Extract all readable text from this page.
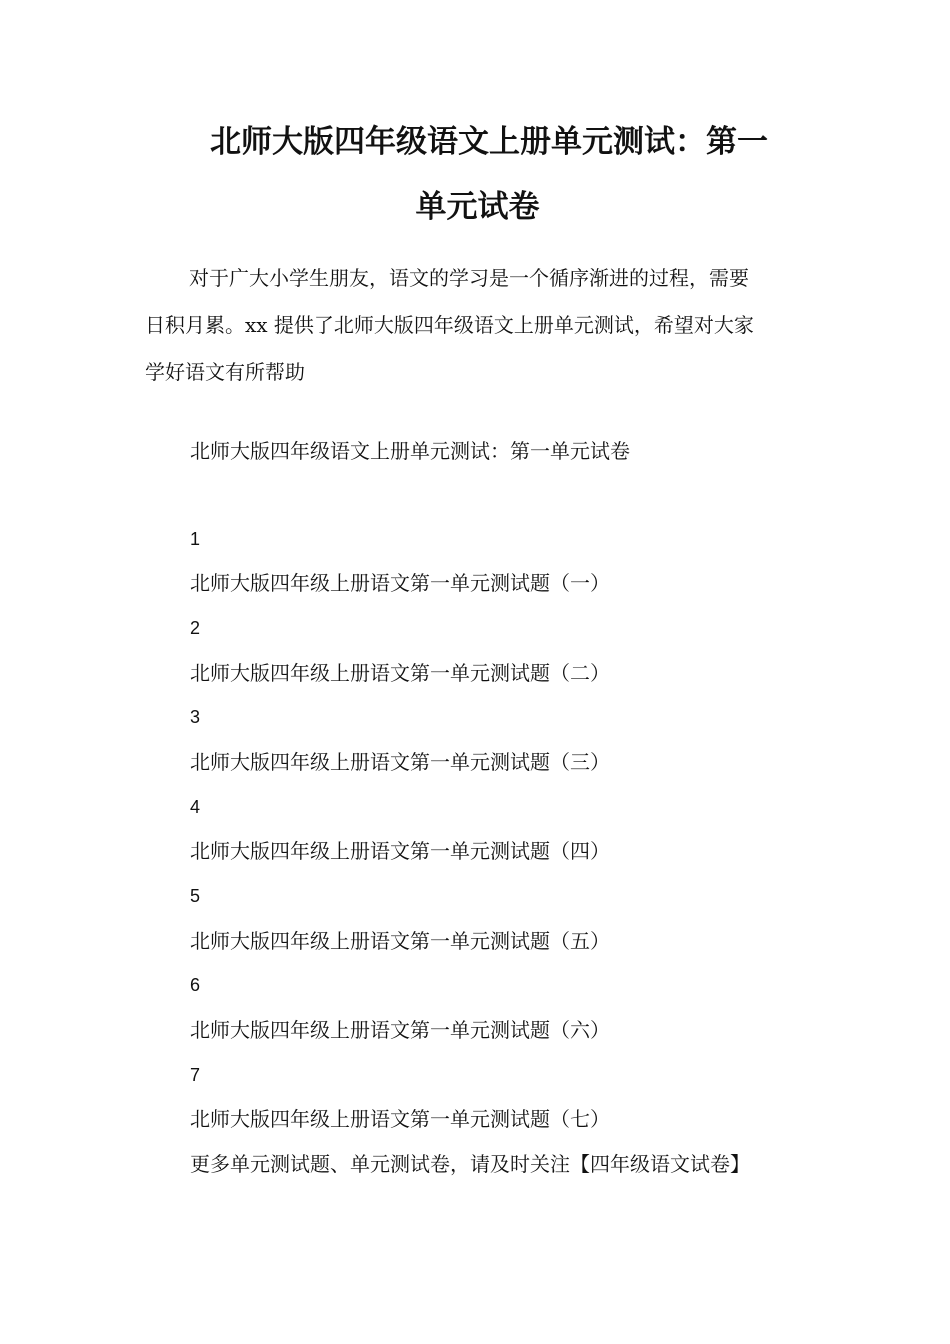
北师大版四年级语文上册单元测试：第一
单元试卷

对于广大小学生朋友，语文的学习是一个循序渐进的过程，需要
日积月累。xx 提供了北师大版四年级语文上册单元测试，希望对大家
学好语文有所帮助

北师大版四年级语文上册单元测试：第一单元试卷

1

北师大版四年级上册语文第一单元测试题（一）

2

北师大版四年级上册语文第一单元测试题（二）

3

北师大版四年级上册语文第一单元测试题（三）

4

北师大版四年级上册语文第一单元测试题（四）

5

北师大版四年级上册语文第一单元测试题（五）

6

北师大版四年级上册语文第一单元测试题（六）

7

北师大版四年级上册语文第一单元测试题（七）

更多单元测试题、单元测试卷，请及时关注【四年级语文试卷】
